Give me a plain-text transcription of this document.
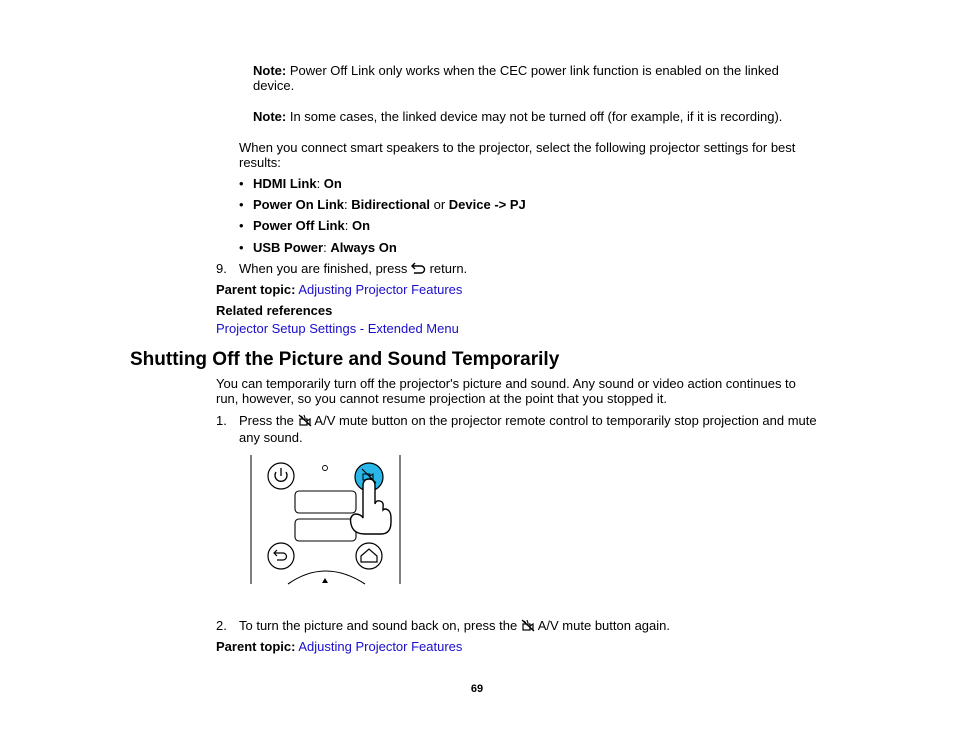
Note: Power Off Link only works when the CEC power link function is enabled on the linked device.
Note: In some cases, the linked device may not be turned off (for example, if it is recording).
When you connect smart speakers to the projector, select the following projector settings for best results:
• HDMI Link: On
• Power On Link: Bidirectional or Device -> PJ
• Power Off Link: On
• USB Power: Always On
9. When you are finished, press  return.
Parent topic: Adjusting Projector Features
Related references
Projector Setup Settings - Extended Menu
Shutting Off the Picture and Sound Temporarily
You can temporarily turn off the projector's picture and sound. Any sound or video action continues to run, however, so you cannot resume projection at the point that you stopped it.
1. Press the  A/V mute button on the projector remote control to temporarily stop projection and mute any sound.
2. To turn the picture and sound back on, press the  A/V mute button again.
Parent topic: Adjusting Projector Features
69
